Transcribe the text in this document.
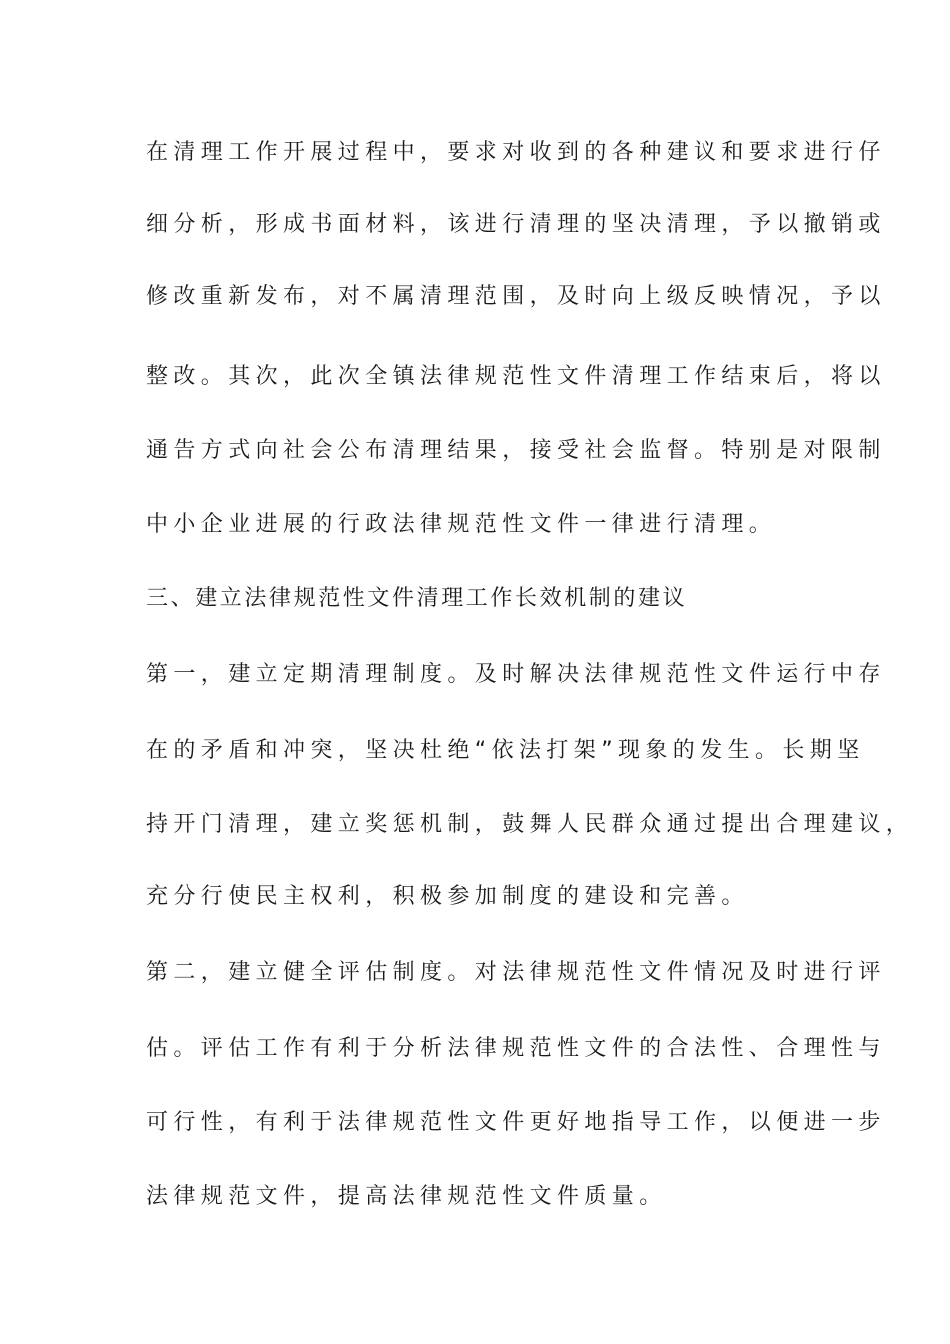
在清理工作开展过程中，要求对收到的各种建议和要求进行仔
细分析，形成书面材料，该进行清理的坚决清理，予以撤销或
修改重新发布，对不属清理范围，及时向上级反映情况，予以
整改。其次，此次全镇法律规范性文件清理工作结束后，将以
通告方式向社会公布清理结果，接受社会监督。特别是对限制
中小企业进展的行政法律规范性文件一律进行清理。
三、建立法律规范性文件清理工作长效机制的建议
第一，建立定期清理制度。及时解决法律规范性文件运行中存
在的矛盾和冲突，坚决杜绝“依法打架”现象的发生。长期坚
持开门清理，建立奖惩机制，鼓舞人民群众通过提出合理建议，
充分行使民主权利，积极参加制度的建设和完善。
第二，建立健全评估制度。对法律规范性文件情况及时进行评
估。评估工作有利于分析法律规范性文件的合法性、合理性与
可行性，有利于法律规范性文件更好地指导工作，以便进一步
法律规范文件，提高法律规范性文件质量。
